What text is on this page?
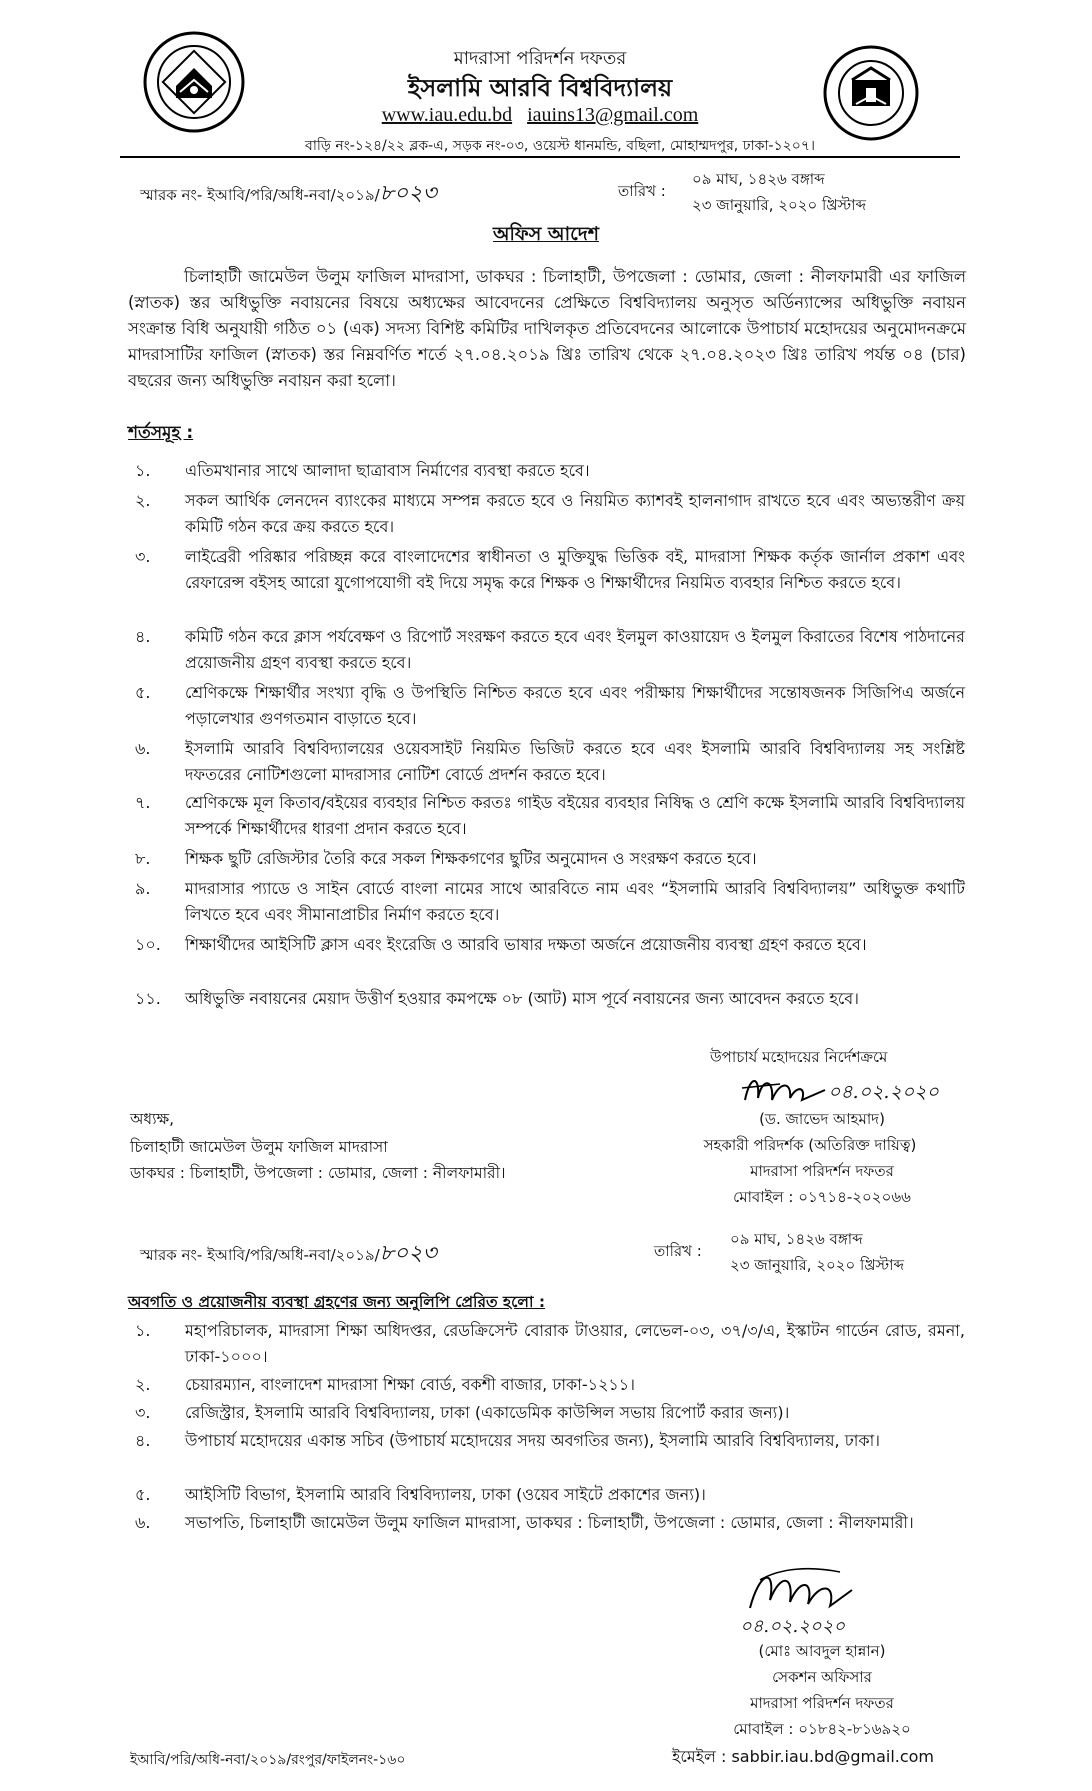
মাদরাসা পরিদর্শন দফতর
ইসলামি আরবি বিশ্ববিদ্যালয়
www.iau.edu.bd iauins13@gmail.com
বাড়ি নং-১২৪/২২ ব্লক-এ, সড়ক নং-০৩, ওয়েস্ট ধানমন্ডি, বছিলা, মোহাম্মদপুর, ঢাকা-১২০৭।
স্মারক নং- ইআবি/পরি/অধি-নবা/২০১৯/৮০২৩	তারিখ :
০৯ মাঘ, ১৪২৬ বঙ্গাব্দ
২৩ জানুয়ারি, ২০২০ খ্রিস্টাব্দ
অফিস আদেশ
চিলাহাটী জামেউল উলুম ফাজিল মাদরাসা, ডাকঘর : চিলাহাটী, উপজেলা : ডোমার, জেলা : নীলফামারী এর ফাজিল (স্নাতক) স্তর অধিভুক্তি নবায়নের বিষয়ে অধ্যক্ষের আবেদনের প্রেক্ষিতে বিশ্ববিদ্যালয় অনুসৃত অর্ডিন্যান্সের অধিভুক্তি নবায়ন সংক্রান্ত বিধি অনুযায়ী গঠিত ০১ (এক) সদস্য বিশিষ্ট কমিটির দাখিলকৃত প্রতিবেদনের আলোকে উপাচার্য মহোদয়ের অনুমোদনক্রমে মাদরাসাটির ফাজিল (স্নাতক) স্তর নিম্নবর্ণিত শর্তে ২৭.০৪.২০১৯ খ্রিঃ তারিখ থেকে ২৭.০৪.২০২৩ খ্রিঃ তারিখ পর্যন্ত ০৪ (চার) বছরের জন্য অধিভুক্তি নবায়ন করা হলো।
শর্তসমূহ :
১.	এতিমখানার সাথে আলাদা ছাত্রাবাস নির্মাণের ব্যবস্থা করতে হবে।
২.	সকল আর্থিক লেনদেন ব্যাংকের মাধ্যমে সম্পন্ন করতে হবে ও নিয়মিত ক্যাশবই হালনাগাদ রাখতে হবে এবং অভ্যন্তরীণ ক্রয় কমিটি গঠন করে ক্রয় করতে হবে।
৩.	লাইব্রেরী পরিষ্কার পরিচ্ছন্ন করে বাংলাদেশের স্বাধীনতা ও মুক্তিযুদ্ধ ভিত্তিক বই, মাদরাসা শিক্ষক কর্তৃক জার্নাল প্রকাশ এবং রেফারেন্স বইসহ আরো যুগোপযোগী বই দিয়ে সমৃদ্ধ করে শিক্ষক ও শিক্ষার্থীদের নিয়মিত ব্যবহার নিশ্চিত করতে হবে।
৪.	কমিটি গঠন করে ক্লাস পর্যবেক্ষণ ও রিপোর্ট সংরক্ষণ করতে হবে এবং ইলমুল কাওয়ায়েদ ও ইলমুল কিরাতের বিশেষ পাঠদানের প্রয়োজনীয় গ্রহণ ব্যবস্থা করতে হবে।
৫.	শ্রেণিকক্ষে শিক্ষার্থীর সংখ্যা বৃদ্ধি ও উপস্থিতি নিশ্চিত করতে হবে এবং পরীক্ষায় শিক্ষার্থীদের সন্তোষজনক সিজিপিএ অর্জনে পড়ালেখার গুণগতমান বাড়াতে হবে।
৬.	ইসলামি আরবি বিশ্ববিদ্যালয়ের ওয়েবসাইট নিয়মিত ভিজিট করতে হবে এবং ইসলামি আরবি বিশ্ববিদ্যালয় সহ সংশ্লিষ্ট দফতরের নোটিশগুলো মাদরাসার নোটিশ বোর্ডে প্রদর্শন করতে হবে।
৭.	শ্রেণিকক্ষে মূল কিতাব/বইয়ের ব্যবহার নিশ্চিত করতঃ গাইড বইয়ের ব্যবহার নিষিদ্ধ ও শ্রেণি কক্ষে ইসলামি আরবি বিশ্ববিদ্যালয় সম্পর্কে শিক্ষার্থীদের ধারণা প্রদান করতে হবে।
৮.	শিক্ষক ছুটি রেজিস্টার তৈরি করে সকল শিক্ষকগণের ছুটির অনুমোদন ও সংরক্ষণ করতে হবে।
৯.	মাদরাসার প্যাডে ও সাইন বোর্ডে বাংলা নামের সাথে আরবিতে নাম এবং “ইসলামি আরবি বিশ্ববিদ্যালয়” অধিভুক্ত কথাটি লিখতে হবে এবং সীমানাপ্রাচীর নির্মাণ করতে হবে।
১০.	শিক্ষার্থীদের আইসিটি ক্লাস এবং ইংরেজি ও আরবি ভাষার দক্ষতা অর্জনে প্রয়োজনীয় ব্যবস্থা গ্রহণ করতে হবে।
১১.	অধিভুক্তি নবায়নের মেয়াদ উত্তীর্ণ হওয়ার কমপক্ষে ০৮ (আট) মাস পূর্বে নবায়নের জন্য আবেদন করতে হবে।
উপাচার্য মহোদয়ের নির্দেশক্রমে
০৪.০২.২০২০
(ড. জাভেদ আহমাদ)
সহকারী পরিদর্শক (অতিরিক্ত দায়িত্ব)
মাদরাসা পরিদর্শন দফতর
মোবাইল : ০১৭১৪-২০২০৬৬
অধ্যক্ষ,
চিলাহাটী জামেউল উলুম ফাজিল মাদরাসা
ডাকঘর : চিলাহাটী, উপজেলা : ডোমার, জেলা : নীলফামারী।
স্মারক নং- ইআবি/পরি/অধি-নবা/২০১৯/৮০২৩	তারিখ :
০৯ মাঘ, ১৪২৬ বঙ্গাব্দ
২৩ জানুয়ারি, ২০২০ খ্রিস্টাব্দ
অবগতি ও প্রয়োজনীয় ব্যবস্থা গ্রহণের জন্য অনুলিপি প্রেরিত হলো :
১.	মহাপরিচালক, মাদরাসা শিক্ষা অধিদপ্তর, রেডক্রিসেন্ট বোরাক টাওয়ার, লেভেল-০৩, ৩৭/৩/এ, ইস্কাটন গার্ডেন রোড, রমনা, ঢাকা-১০০০।
২.	চেয়ারম্যান, বাংলাদেশ মাদরাসা শিক্ষা বোর্ড, বকশী বাজার, ঢাকা-১২১১।
৩.	রেজিস্ট্রার, ইসলামি আরবি বিশ্ববিদ্যালয়, ঢাকা (একাডেমিক কাউন্সিল সভায় রিপোর্ট করার জন্য)।
৪.	উপাচার্য মহোদয়ের একান্ত সচিব (উপাচার্য মহোদয়ের সদয় অবগতির জন্য), ইসলামি আরবি বিশ্ববিদ্যালয়, ঢাকা।
৫.	আইসিটি বিভাগ, ইসলামি আরবি বিশ্ববিদ্যালয়, ঢাকা (ওয়েব সাইটে প্রকাশের জন্য)।
৬.	সভাপতি, চিলাহাটী জামেউল উলুম ফাজিল মাদরাসা, ডাকঘর : চিলাহাটী, উপজেলা : ডোমার, জেলা : নীলফামারী।
০৪.০২.২০২০
(মোঃ আবদুল হান্নান)
সেকশন অফিসার
মাদরাসা পরিদর্শন দফতর
মোবাইল : ০১৮৪২-৮১৬৯২০
ইমেইল : sabbir.iau.bd@gmail.com
ইআবি/পরি/অধি-নবা/২০১৯/রংপুর/ফাইলনং-১৬০
